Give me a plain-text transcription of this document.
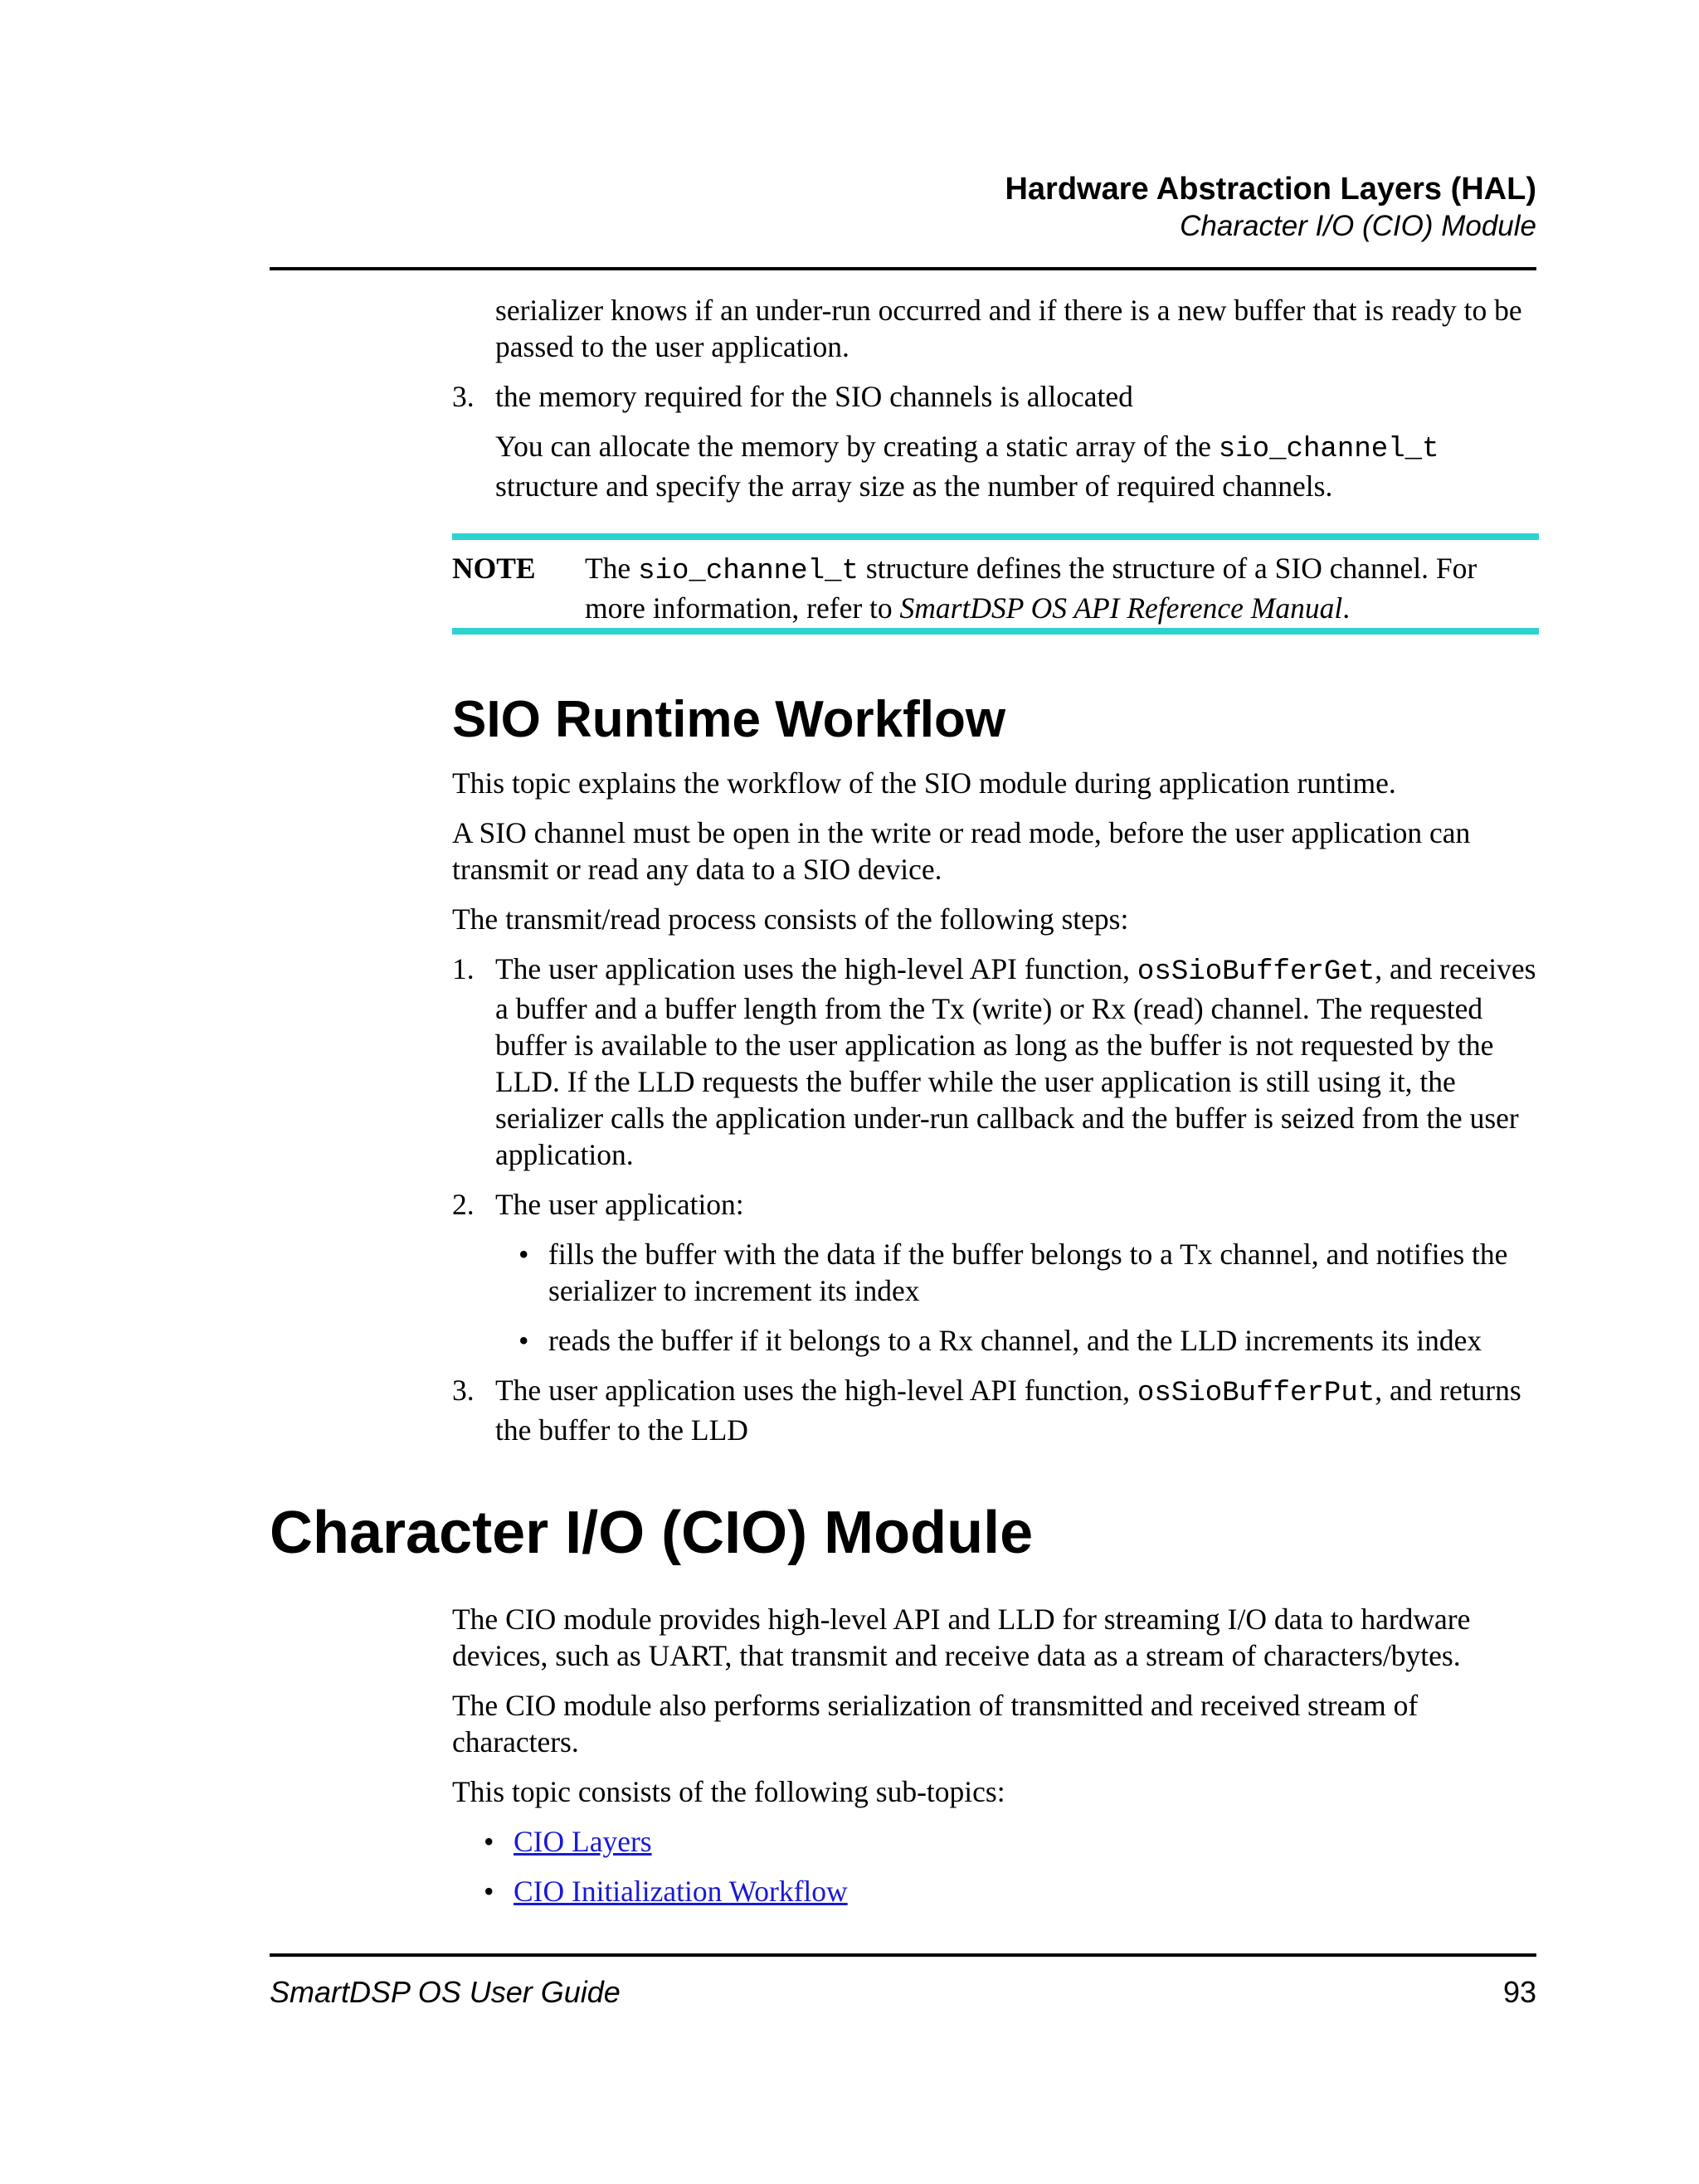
Hardware Abstraction Layers (HAL)
Character I/O (CIO) Module

serializer knows if an under-run occurred and if there is a new buffer that is ready to be passed to the user application.

3. the memory required for the SIO channels is allocated

You can allocate the memory by creating a static array of the sio_channel_t structure and specify the array size as the number of required channels.

NOTE The sio_channel_t structure defines the structure of a SIO channel. For more information, refer to SmartDSP OS API Reference Manual.

SIO Runtime Workflow

This topic explains the workflow of the SIO module during application runtime.

A SIO channel must be open in the write or read mode, before the user application can transmit or read any data to a SIO device.

The transmit/read process consists of the following steps:

1. The user application uses the high-level API function, osSioBufferGet, and receives a buffer and a buffer length from the Tx (write) or Rx (read) channel. The requested buffer is available to the user application as long as the buffer is not requested by the LLD. If the LLD requests the buffer while the user application is still using it, the serializer calls the application under-run callback and the buffer is seized from the user application.

2. The user application:

• fills the buffer with the data if the buffer belongs to a Tx channel, and notifies the serializer to increment its index

• reads the buffer if it belongs to a Rx channel, and the LLD increments its index

3. The user application uses the high-level API function, osSioBufferPut, and returns the buffer to the LLD

Character I/O (CIO) Module

The CIO module provides high-level API and LLD for streaming I/O data to hardware devices, such as UART, that transmit and receive data as a stream of characters/bytes.

The CIO module also performs serialization of transmitted and received stream of characters.

This topic consists of the following sub-topics:

• CIO Layers
• CIO Initialization Workflow
SmartDSP OS User Guide	93
